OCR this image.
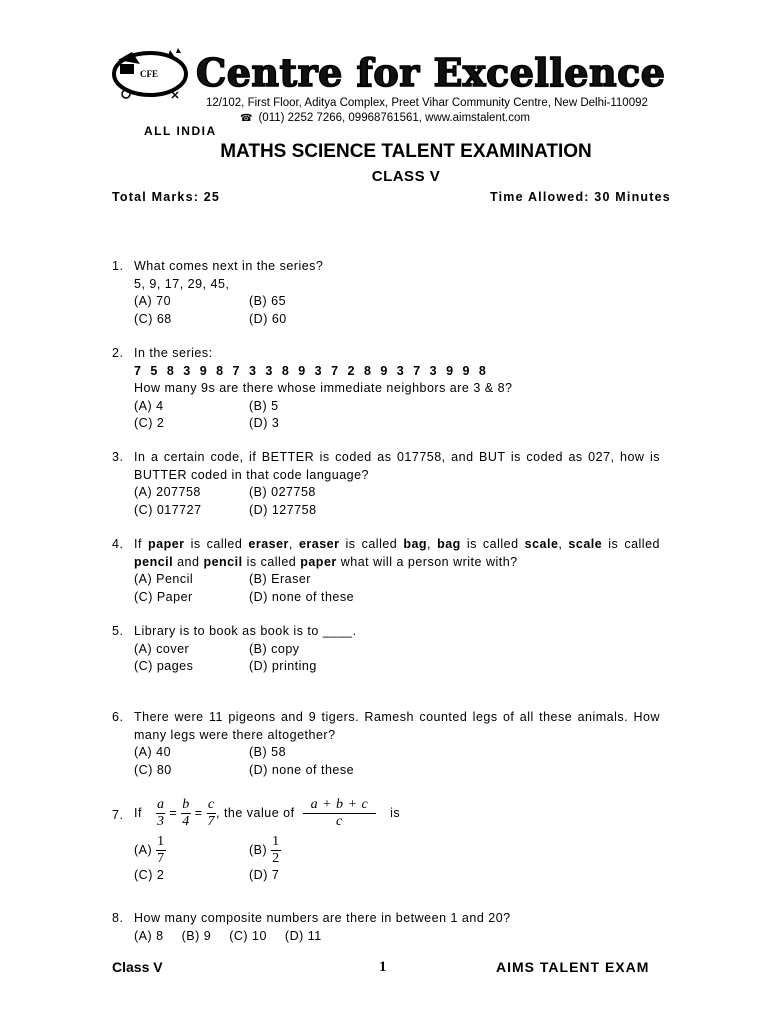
CFE Centre for Excellence
12/102, First Floor, Aditya Complex, Preet Vihar Community Centre, New Delhi-110092
☎ (011) 2252 7266, 09968761561, www.aimstalent.com
ALL INDIA
MATHS SCIENCE TALENT EXAMINATION
CLASS V
Total Marks: 25	Time Allowed: 30 Minutes
1. What comes next in the series?
5, 9, 17, 29, 45,
(A) 70	(B) 65
(C) 68	(D) 60
2. In the series:
7 5 8 3 9 8 7 3 3 8 9 3 7 2 8 9 3 7 3 9 9 8
How many 9s are there whose immediate neighbors are 3 & 8?
(A) 4	(B) 5
(C) 2	(D) 3
3. In a certain code, if BETTER is coded as 017758, and BUT is coded as 027, how is BUTTER coded in that code language?
(A) 207758	(B) 027758
(C) 017727	(D) 127758
4. If paper is called eraser, eraser is called bag, bag is called scale, scale is called pencil and pencil is called paper what will a person write with?
(A) Pencil	(B) Eraser
(C) Paper	(D) none of these
5. Library is to book as book is to ____.
(A) cover	(B) copy
(C) pages	(D) printing
6. There were 11 pigeons and 9 tigers. Ramesh counted legs of all these animals. How many legs were there altogether?
(A) 40	(B) 58
(C) 80	(D) none of these
7. If $\frac{a}{3} = \frac{b}{4} = \frac{c}{7}$ , the value of $\frac{a + b + c}{c}$ is
$(A) \frac{1}{7}$	$(B) \frac{1}{2}$
(C) 2	(D) 7
8. How many composite numbers are there in between 1 and 20?
(A) 8 (B) 9 (C) 10 (D) 11
Class V	1	AIMS TALENT EXAM
